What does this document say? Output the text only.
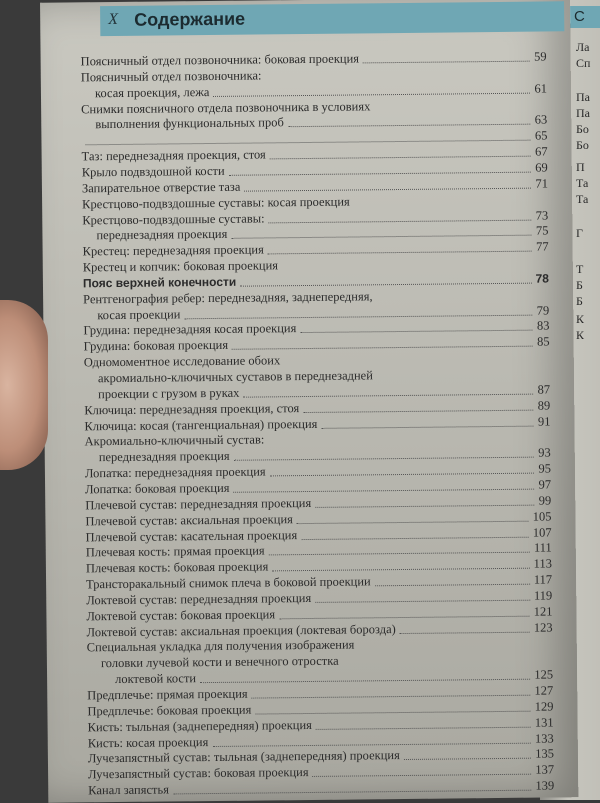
С
Ла
Сп
Па
Па
Бо
Бо
П
Та
Та
Г
Т
Б
Б
К
К
X Содержание
Поясничный отдел позвоночника: боковая проекция	59
Поясничный отдел позвоночника:
косая проекция, лежа	61
Снимки поясничного отдела позвоночника в условиях
выполнения функциональных проб	63
65
Таз: переднезадняя проекция, стоя	67
Крыло подвздошной кости	69
Запирательное отверстие таза	71
Крестцово-подвздошные суставы: косая проекция
Крестцово-подвздошные суставы:	73
переднезадняя проекция	75
Крестец: переднезадняя проекция	77
Крестец и копчик: боковая проекция
Пояс верхней конечности	78
Рентгенография ребер: переднезадняя, заднепередняя,
косая проекции	79
Грудина: переднезадняя косая проекция	83
Грудина: боковая проекция	85
Одномоментное исследование обоих
акромиально-ключичных суставов в переднезадней
проекции с грузом в руках	87
Ключица: переднезадняя проекция, стоя	89
Ключица: косая (тангенциальная) проекция	91
Акромиально-ключичный сустав:
переднезадняя проекция	93
Лопатка: переднезадняя проекция	95
Лопатка: боковая проекция	97
Плечевой сустав: переднезадняя проекция	99
Плечевой сустав: аксиальная проекция	105
Плечевой сустав: касательная проекция	107
Плечевая кость: прямая проекция	111
Плечевая кость: боковая проекция	113
Трансторакальный снимок плеча в боковой проекции	117
Локтевой сустав: переднезадняя проекция	119
Локтевой сустав: боковая проекция	121
Локтевой сустав: аксиальная проекция (локтевая борозда)	123
Специальная укладка для получения изображения
головки лучевой кости и венечного отростка
локтевой кости	125
Предплечье: прямая проекция	127
Предплечье: боковая проекция	129
Кисть: тыльная (заднепередняя) проекция	131
Кисть: косая проекция	133
Лучезапястный сустав: тыльная (заднепередняя) проекция	135
Лучезапястный сустав: боковая проекция	137
Канал запястья	139
